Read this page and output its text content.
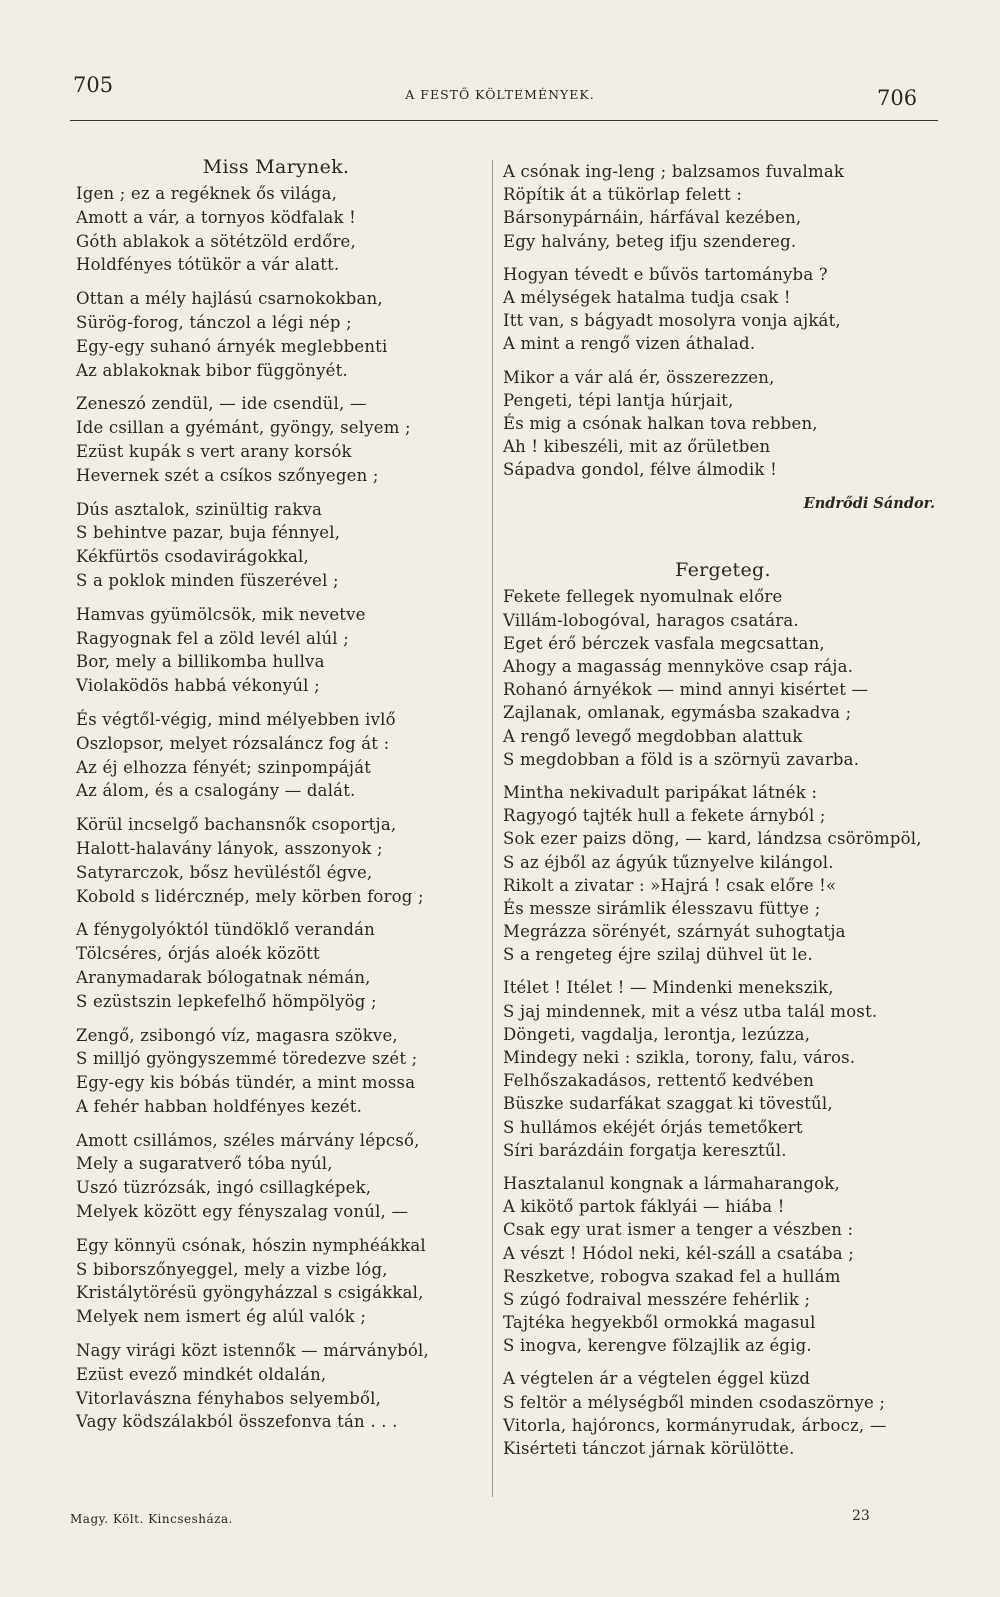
705	A FESTŐ KÖLTEMÉNYEK.	706
Miss Marynek.
Igen ; ez a regéknek ős világa,
Amott a vár, a tornyos ködfalak !
Góth ablakok a sötétzöld erdőre,
Holdfényes tótükör a vár alatt.
Ottan a mély hajlású csarnokokban,
Sürög-forog, tánczol a légi nép ;
Egy-egy suhanó árnyék meglebbenti
Az ablakoknak bibor függönyét.
Zeneszó zendül, — ide csendül, —
Ide csillan a gyémánt, gyöngy, selyem ;
Ezüst kupák s vert arany korsók
Hevernek szét a csíkos szőnyegen ;
Dús asztalok, szinültig rakva
S behintve pazar, buja fénnyel,
Kékfürtös csodavirágokkal,
S a poklok minden füszerével ;
Hamvas gyümölcsök, mik nevetve
Ragyognak fel a zöld levél alúl ;
Bor, mely a billikomba hullva
Violaködös habbá vékonyúl ;
És végtől-végig, mind mélyebben ivlő
Oszlopsor, melyet rózsaláncz fog át :
Az éj elhozza fényét; szinpompáját
Az álom, és a csalogány — dalát.
Körül incselgő bachansnők csoportja,
Halott-halavány lányok, asszonyok ;
Satyrarczok, bősz hevüléstől égve,
Kobold s lidércznép, mely körben forog ;
A fénygolyóktól tündöklő verandán
Tölcséres, órjás aloék között
Aranymadarak bólogatnak némán,
S ezüstszin lepkefelhő hömpölyög ;
Zengő, zsibongó víz, magasra szökve,
S milljó gyöngyszemmé töredezve szét ;
Egy-egy kis bóbás tündér, a mint mossa
A fehér habban holdfényes kezét.
Amott csillámos, széles márvány lépcső,
Mely a sugaratverő tóba nyúl,
Uszó tüzrózsák, ingó csillagképek,
Melyek között egy fényszalag vonúl, —
Egy könnyü csónak, hószin nymphéákkal
S biborszőnyeggel, mely a vizbe lóg,
Kristálytörésü gyöngyházzal s csigákkal,
Melyek nem ismert ég alúl valók ;
Nagy virági közt istennők — márványból,
Ezüst evező mindkét oldalán,
Vitorlavászna fényhabos selyemből,
Vagy ködszálakból összefonva tán . . .
A csónak ing-leng ; balzsamos fuvalmak
Röpítik át a tükörlap felett :
Bársonypárnáin, hárfával kezében,
Egy halvány, beteg ifju szendereg.
Hogyan tévedt e bűvös tartományba ?
A mélységek hatalma tudja csak !
Itt van, s bágyadt mosolyra vonja ajkát,
A mint a rengő vizen áthalad.
Mikor a vár alá ér, összerezzen,
Pengeti, tépi lantja húrjait,
És mig a csónak halkan tova rebben,
Ah ! kibeszéli, mit az őrületben
Sápadva gondol, félve álmodik !
Endrődi Sándor.
Fergeteg.
Fekete fellegek nyomulnak előre
Villám-lobogóval, haragos csatára.
Eget érő bérczek vasfala megcsattan,
Ahogy a magasság mennyköve csap rája.
Rohanó árnyékok — mind annyi kisértet —
Zajlanak, omlanak, egymásba szakadva ;
A rengő levegő megdobban alattuk
S megdobban a föld is a szörnyü zavarba.
Mintha nekivadult paripákat látnék :
Ragyogó tajték hull a fekete árnyból ;
Sok ezer paizs döng, — kard, lándzsa csörömpöl,
S az éjből az ágyúk tűznyelve kilángol.
Rikolt a zivatar : »Hajrá ! csak előre !«
És messze sirámlik élesszavu füttye ;
Megrázza sörényét, szárnyát suhogtatja
S a rengeteg éjre szilaj dühvel üt le.
Itélet ! Itélet ! — Mindenki menekszik,
S jaj mindennek, mit a vész utba talál most.
Döngeti, vagdalja, lerontja, lezúzza,
Mindegy neki : szikla, torony, falu, város.
Felhőszakadásos, rettentő kedvében
Büszke sudarfákat szaggat ki tövestűl,
S hullámos ekéjét órjás temetőkert
Síri barázdáin forgatja keresztűl.
Hasztalanul kongnak a lármaharangok,
A kikötő partok fáklyái — hiába !
Csak egy urat ismer a tenger a vészben :
A vészt ! Hódol neki, kél-száll a csatába ;
Reszketve, robogva szakad fel a hullám
S zúgó fodraival messzére fehérlik ;
Tajtéka hegyekből ormokká magasul
S inogva, kerengve fölzajlik az égig.
A végtelen ár a végtelen éggel küzd
S feltör a mélységből minden csodaszörnye ;
Vitorla, hajóroncs, kormányrudak, árbocz, —
Kisérteti tánczot járnak körülötte.
Magy. Költ. Kincsesháza.	23
